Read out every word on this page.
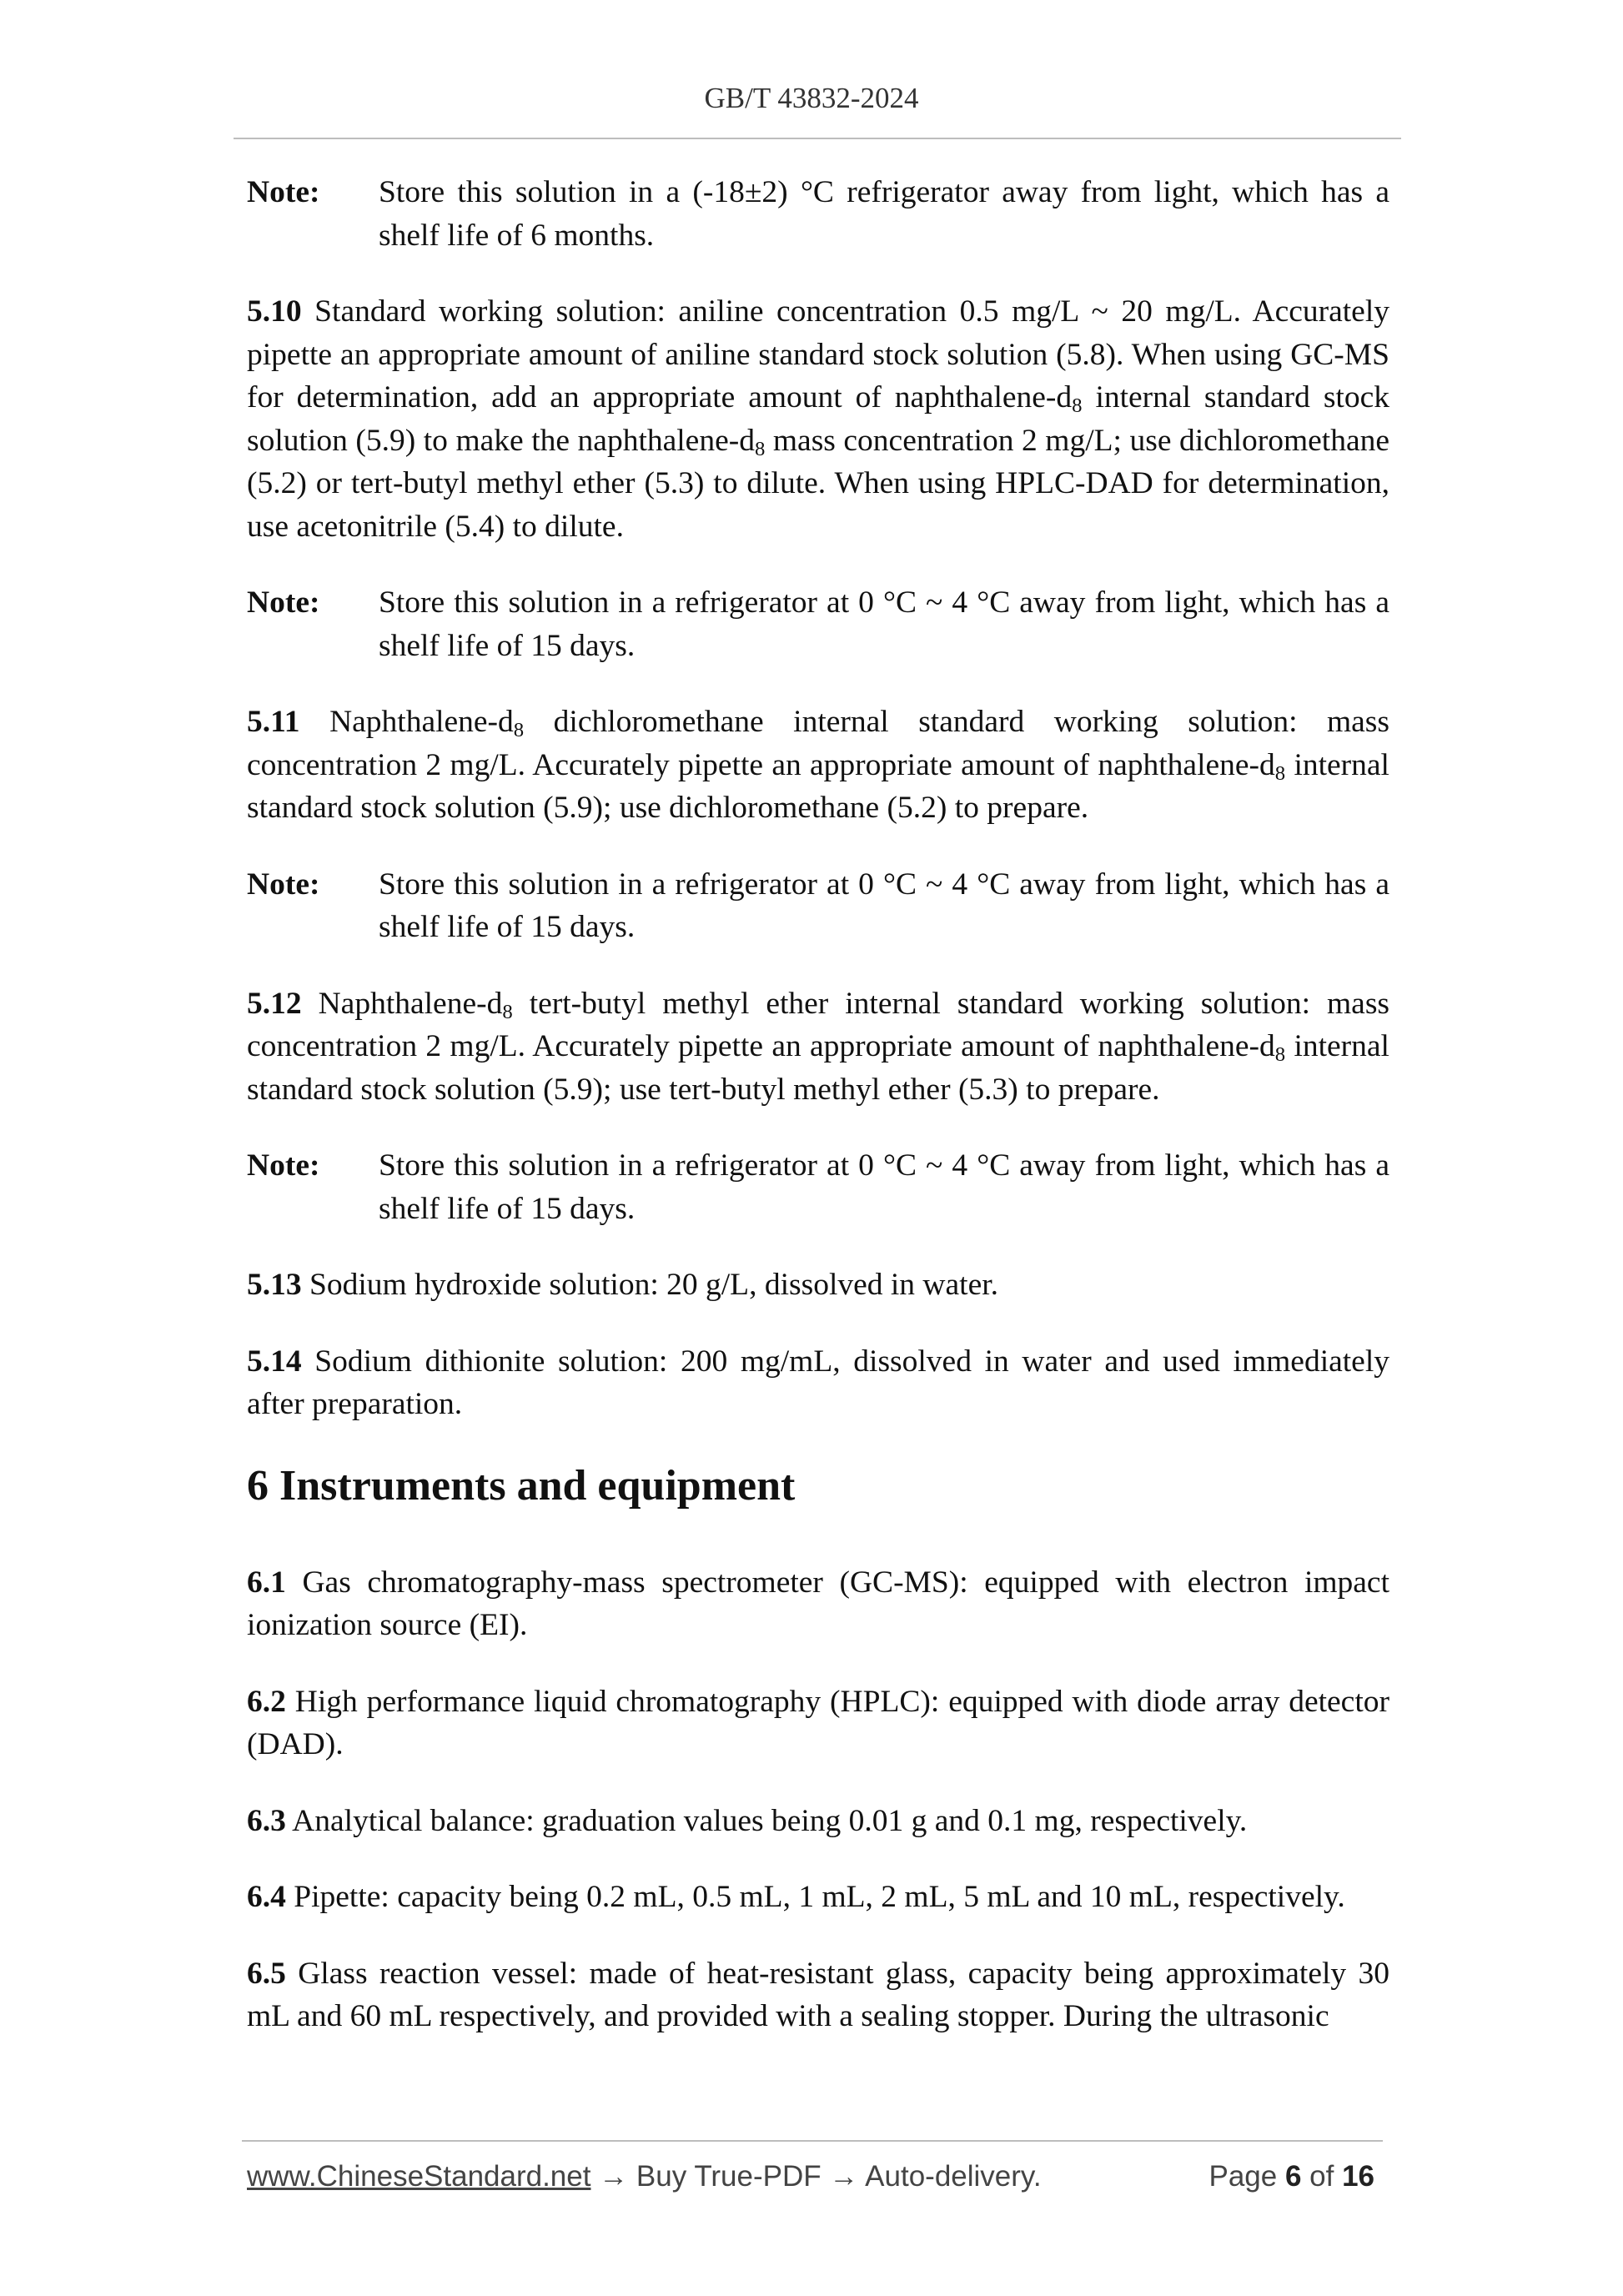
GB/T 43832-2024
Note:	Store this solution in a (-18±2) °C refrigerator away from light, which has a shelf life of 6 months.

5.10 Standard working solution: aniline concentration 0.5 mg/L ~ 20 mg/L. Accurately pipette an appropriate amount of aniline standard stock solution (5.8). When using GC-MS for determination, add an appropriate amount of naphthalene-$d_8$ internal standard stock solution (5.9) to make the naphthalene-$d_8$ mass concentration 2 mg/L; use dichloromethane (5.2) or tert-butyl methyl ether (5.3) to dilute. When using HPLC-DAD for determination, use acetonitrile (5.4) to dilute.

Note:	Store this solution in a refrigerator at 0 °C ~ 4 °C away from light, which has a shelf life of 15 days.

5.11 Naphthalene-$d_8$ dichloromethane internal standard working solution: mass concentration 2 mg/L. Accurately pipette an appropriate amount of naphthalene-$d_8$ internal standard stock solution (5.9); use dichloromethane (5.2) to prepare.

Note:	Store this solution in a refrigerator at 0 °C ~ 4 °C away from light, which has a shelf life of 15 days.

5.12 Naphthalene-$d_8$ tert-butyl methyl ether internal standard working solution: mass concentration 2 mg/L. Accurately pipette an appropriate amount of naphthalene-$d_8$ internal standard stock solution (5.9); use tert-butyl methyl ether (5.3) to prepare.

Note:	Store this solution in a refrigerator at 0 °C ~ 4 °C away from light, which has a shelf life of 15 days.

5.13 Sodium hydroxide solution: 20 g/L, dissolved in water.

5.14 Sodium dithionite solution: 200 mg/mL, dissolved in water and used immediately after preparation.

6 Instruments and equipment

6.1 Gas chromatography-mass spectrometer (GC-MS): equipped with electron impact ionization source (EI).

6.2 High performance liquid chromatography (HPLC): equipped with diode array detector (DAD).

6.3 Analytical balance: graduation values being 0.01 g and 0.1 mg, respectively.

6.4 Pipette: capacity being 0.2 mL, 0.5 mL, 1 mL, 2 mL, 5 mL and 10 mL, respectively.

6.5 Glass reaction vessel: made of heat-resistant glass, capacity being approximately 30 mL and 60 mL respectively, and provided with a sealing stopper. During the ultrasonic

www.ChineseStandard.net → Buy True-PDF → Auto-delivery.	Page 6 of 16
